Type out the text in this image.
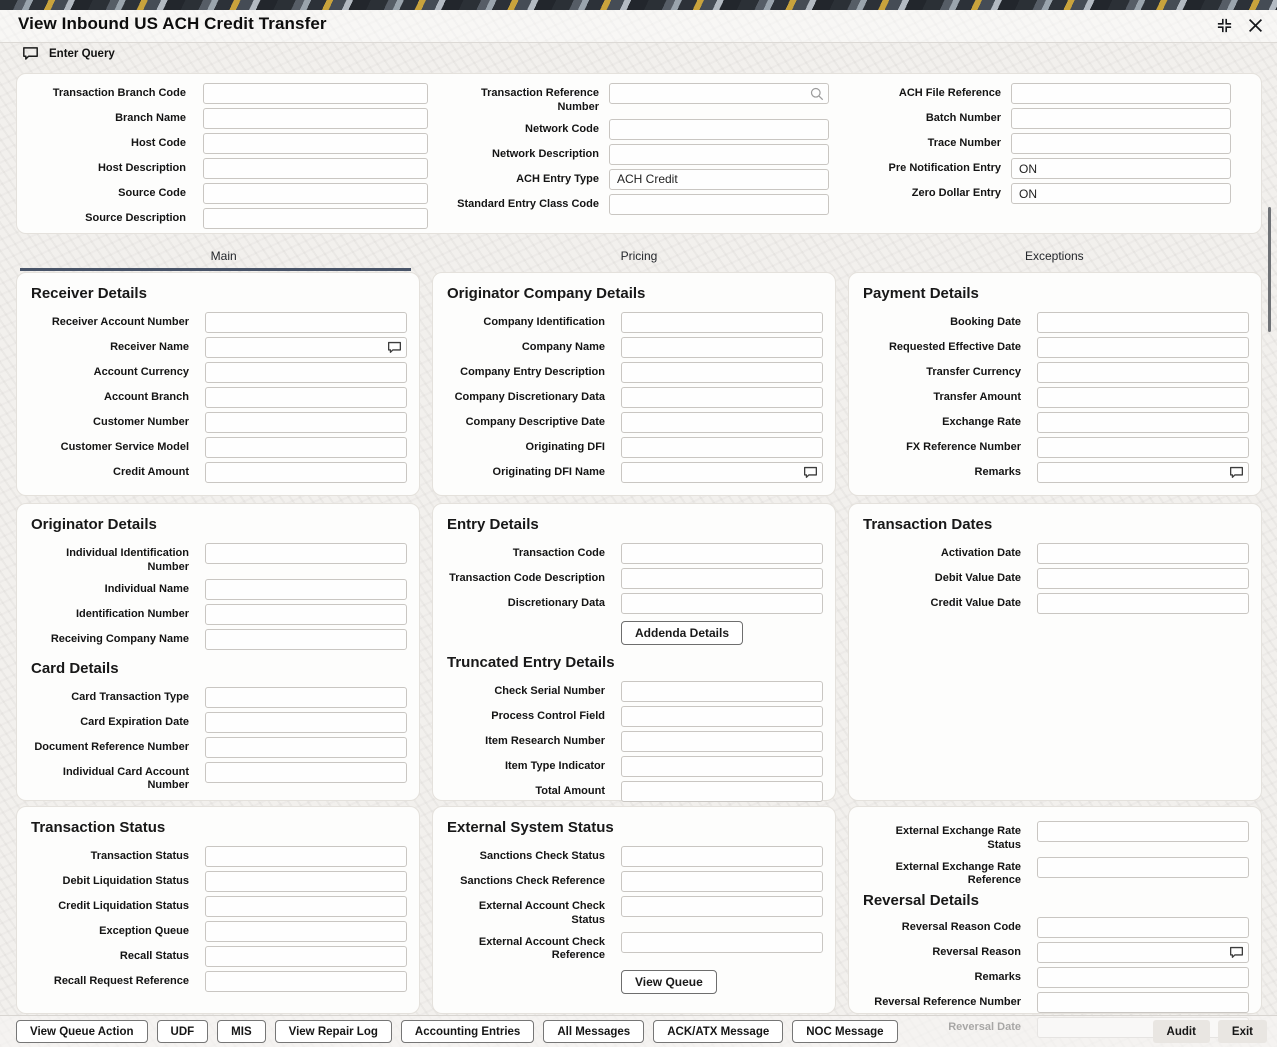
View Inbound US ACH Credit Transfer
Enter Query
Transaction Branch Code
Branch Name
Host Code
Host Description
Source Code
Source Description
Transaction Reference Number
Network Code
Network Description
ACH Entry Type
ACH Credit
Standard Entry Class Code
ACH File Reference
Batch Number
Trace Number
Pre Notification Entry
ON
Zero Dollar Entry
ON
Main	Pricing	Exceptions
Receiver Details
Receiver Account Number
Receiver Name
Account Currency
Account Branch
Customer Number
Customer Service Model
Credit Amount
Originator Company Details
Company Identification
Company Name
Company Entry Description
Company Discretionary Data
Company Descriptive Date
Originating DFI
Originating DFI Name
Payment Details
Booking Date
Requested Effective Date
Transfer Currency
Transfer Amount
Exchange Rate
FX Reference Number
Remarks
Originator Details
Individual Identification Number
Individual Name
Identification Number
Receiving Company Name
Card Details
Card Transaction Type
Card Expiration Date
Document Reference Number
Individual Card Account Number
Entry Details
Transaction Code
Transaction Code Description
Discretionary Data
Addenda Details
Truncated Entry Details
Check Serial Number
Process Control Field
Item Research Number
Item Type Indicator
Total Amount
Transaction Dates
Activation Date
Debit Value Date
Credit Value Date
Transaction Status
Transaction Status
Debit Liquidation Status
Credit Liquidation Status
Exception Queue
Recall Status
Recall Request Reference
External System Status
Sanctions Check Status
Sanctions Check Reference
External Account Check Status
External Account Check Reference
View Queue
External Exchange Rate Status
External Exchange Rate Reference
Reversal Details
Reversal Reason Code
Reversal Reason
Remarks
Reversal Reference Number
View Queue Action	UDF	MIS	View Repair Log	Accounting Entries	All Messages	ACK/ATX Message	NOC Message	Audit	Exit
